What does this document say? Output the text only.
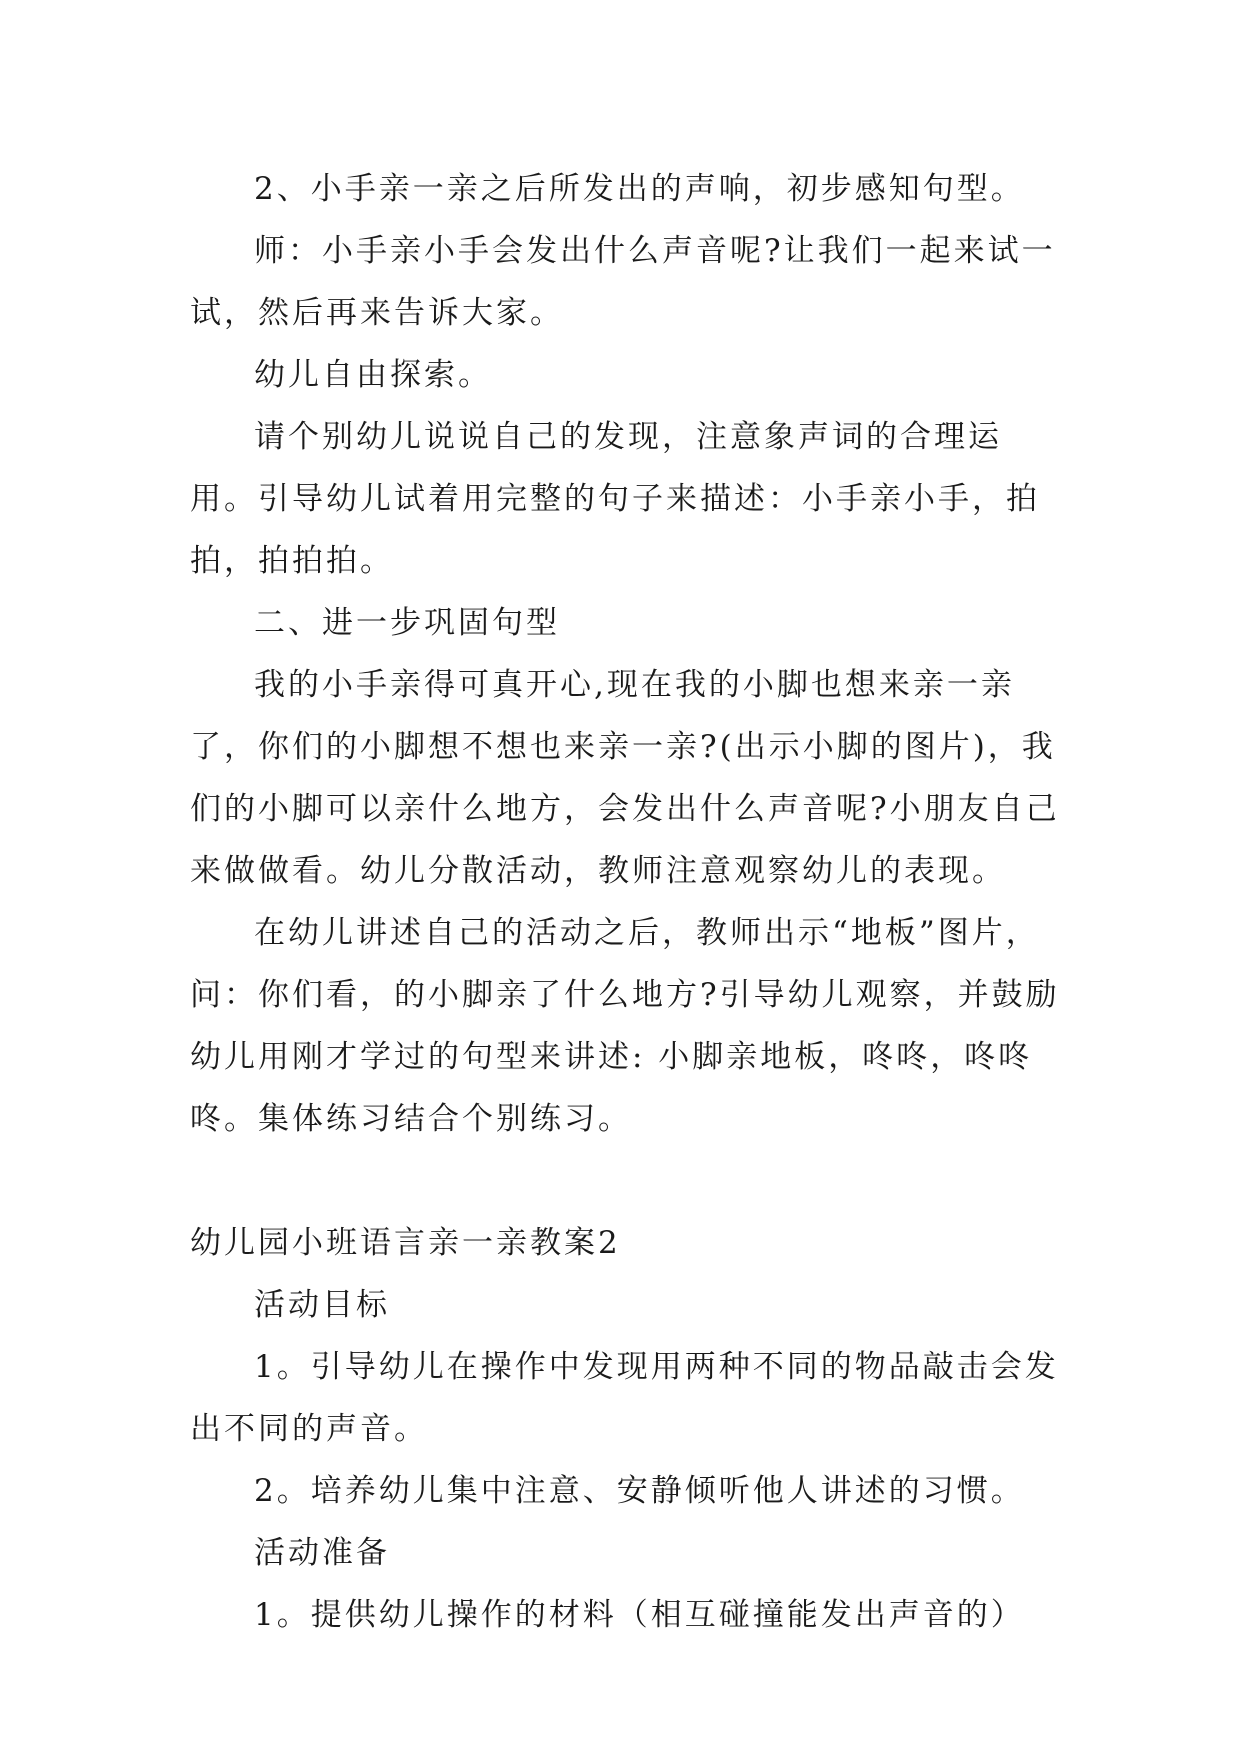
2、小手亲一亲之后所发出的声响，初步感知句型。

师：小手亲小手会发出什么声音呢?让我们一起来试一试，然后再来告诉大家。

幼儿自由探索。

请个别幼儿说说自己的发现，注意象声词的合理运用。引导幼儿试着用完整的句子来描述：小手亲小手，拍拍，拍拍拍。

二、进一步巩固句型

我的小手亲得可真开心,现在我的小脚也想来亲一亲了，你们的小脚想不想也来亲一亲?(出示小脚的图片)，我们的小脚可以亲什么地方，会发出什么声音呢?小朋友自己来做做看。幼儿分散活动，教师注意观察幼儿的表现。

在幼儿讲述自己的活动之后，教师出示“地板”图片，问：你们看，的小脚亲了什么地方?引导幼儿观察，并鼓励幼儿用刚才学过的句型来讲述: 小脚亲地板，咚咚，咚咚咚。集体练习结合个别练习。

幼儿园小班语言亲一亲教案2

活动目标

1。引导幼儿在操作中发现用两种不同的物品敲击会发出不同的声音。

2。培养幼儿集中注意、安静倾听他人讲述的习惯。

活动准备

1。提供幼儿操作的材料（相互碰撞能发出声音的）
